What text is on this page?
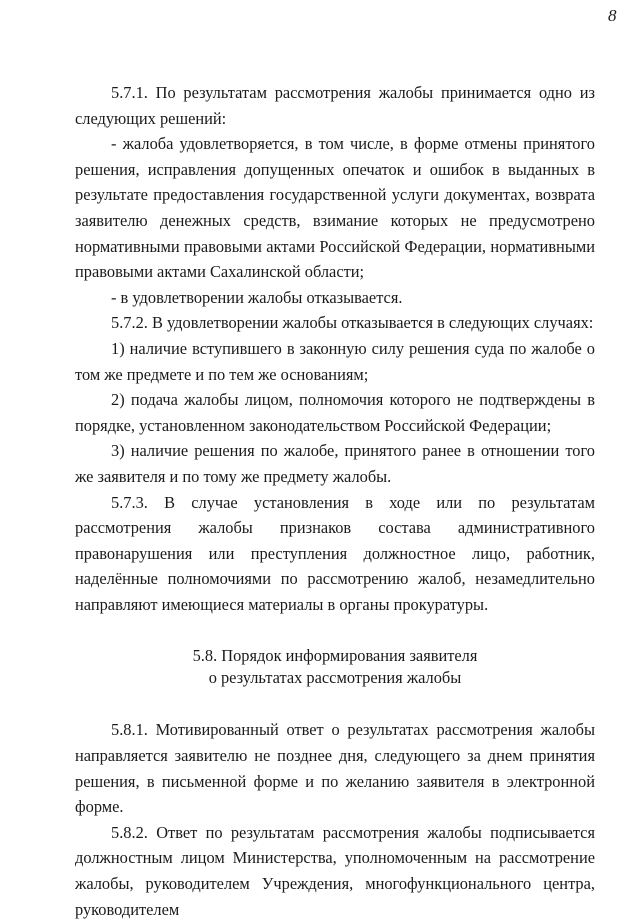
8

5.7.1. По результатам рассмотрения жалобы принимается одно из следующих решений:

- жалоба удовлетворяется, в том числе, в форме отмены принятого решения, исправления допущенных опечаток и ошибок в выданных в результате предоставления государственной услуги документах, возврата заявителю денежных средств, взимание которых не предусмотрено нормативными правовыми актами Российской Федерации, нормативными правовыми актами Сахалинской области;

- в удовлетворении жалобы отказывается.

5.7.2. В удовлетворении жалобы отказывается в следующих случаях:

1) наличие вступившего в законную силу решения суда по жалобе о том же предмете и по тем же основаниям;

2) подача жалобы лицом, полномочия которого не подтверждены в порядке, установленном законодательством Российской Федерации;

3) наличие решения по жалобе, принятого ранее в отношении того же заявителя и по тому же предмету жалобы.

5.7.3. В случае установления в ходе или по результатам рассмотрения жалобы признаков состава административного правонарушения или преступления должностное лицо, работник, наделённые полномочиями по рассмотрению жалоб, незамедлительно направляют имеющиеся материалы в органы прокуратуры.

5.8. Порядок информирования заявителя
о результатах рассмотрения жалобы

5.8.1. Мотивированный ответ о результатах рассмотрения жалобы направляется заявителю не позднее дня, следующего за днем принятия решения, в письменной форме и по желанию заявителя в электронной форме.

5.8.2. Ответ по результатам рассмотрения жалобы подписывается должностным лицом Министерства, уполномоченным на рассмотрение жалобы, руководителем Учреждения, многофункционального центра, руководителем
